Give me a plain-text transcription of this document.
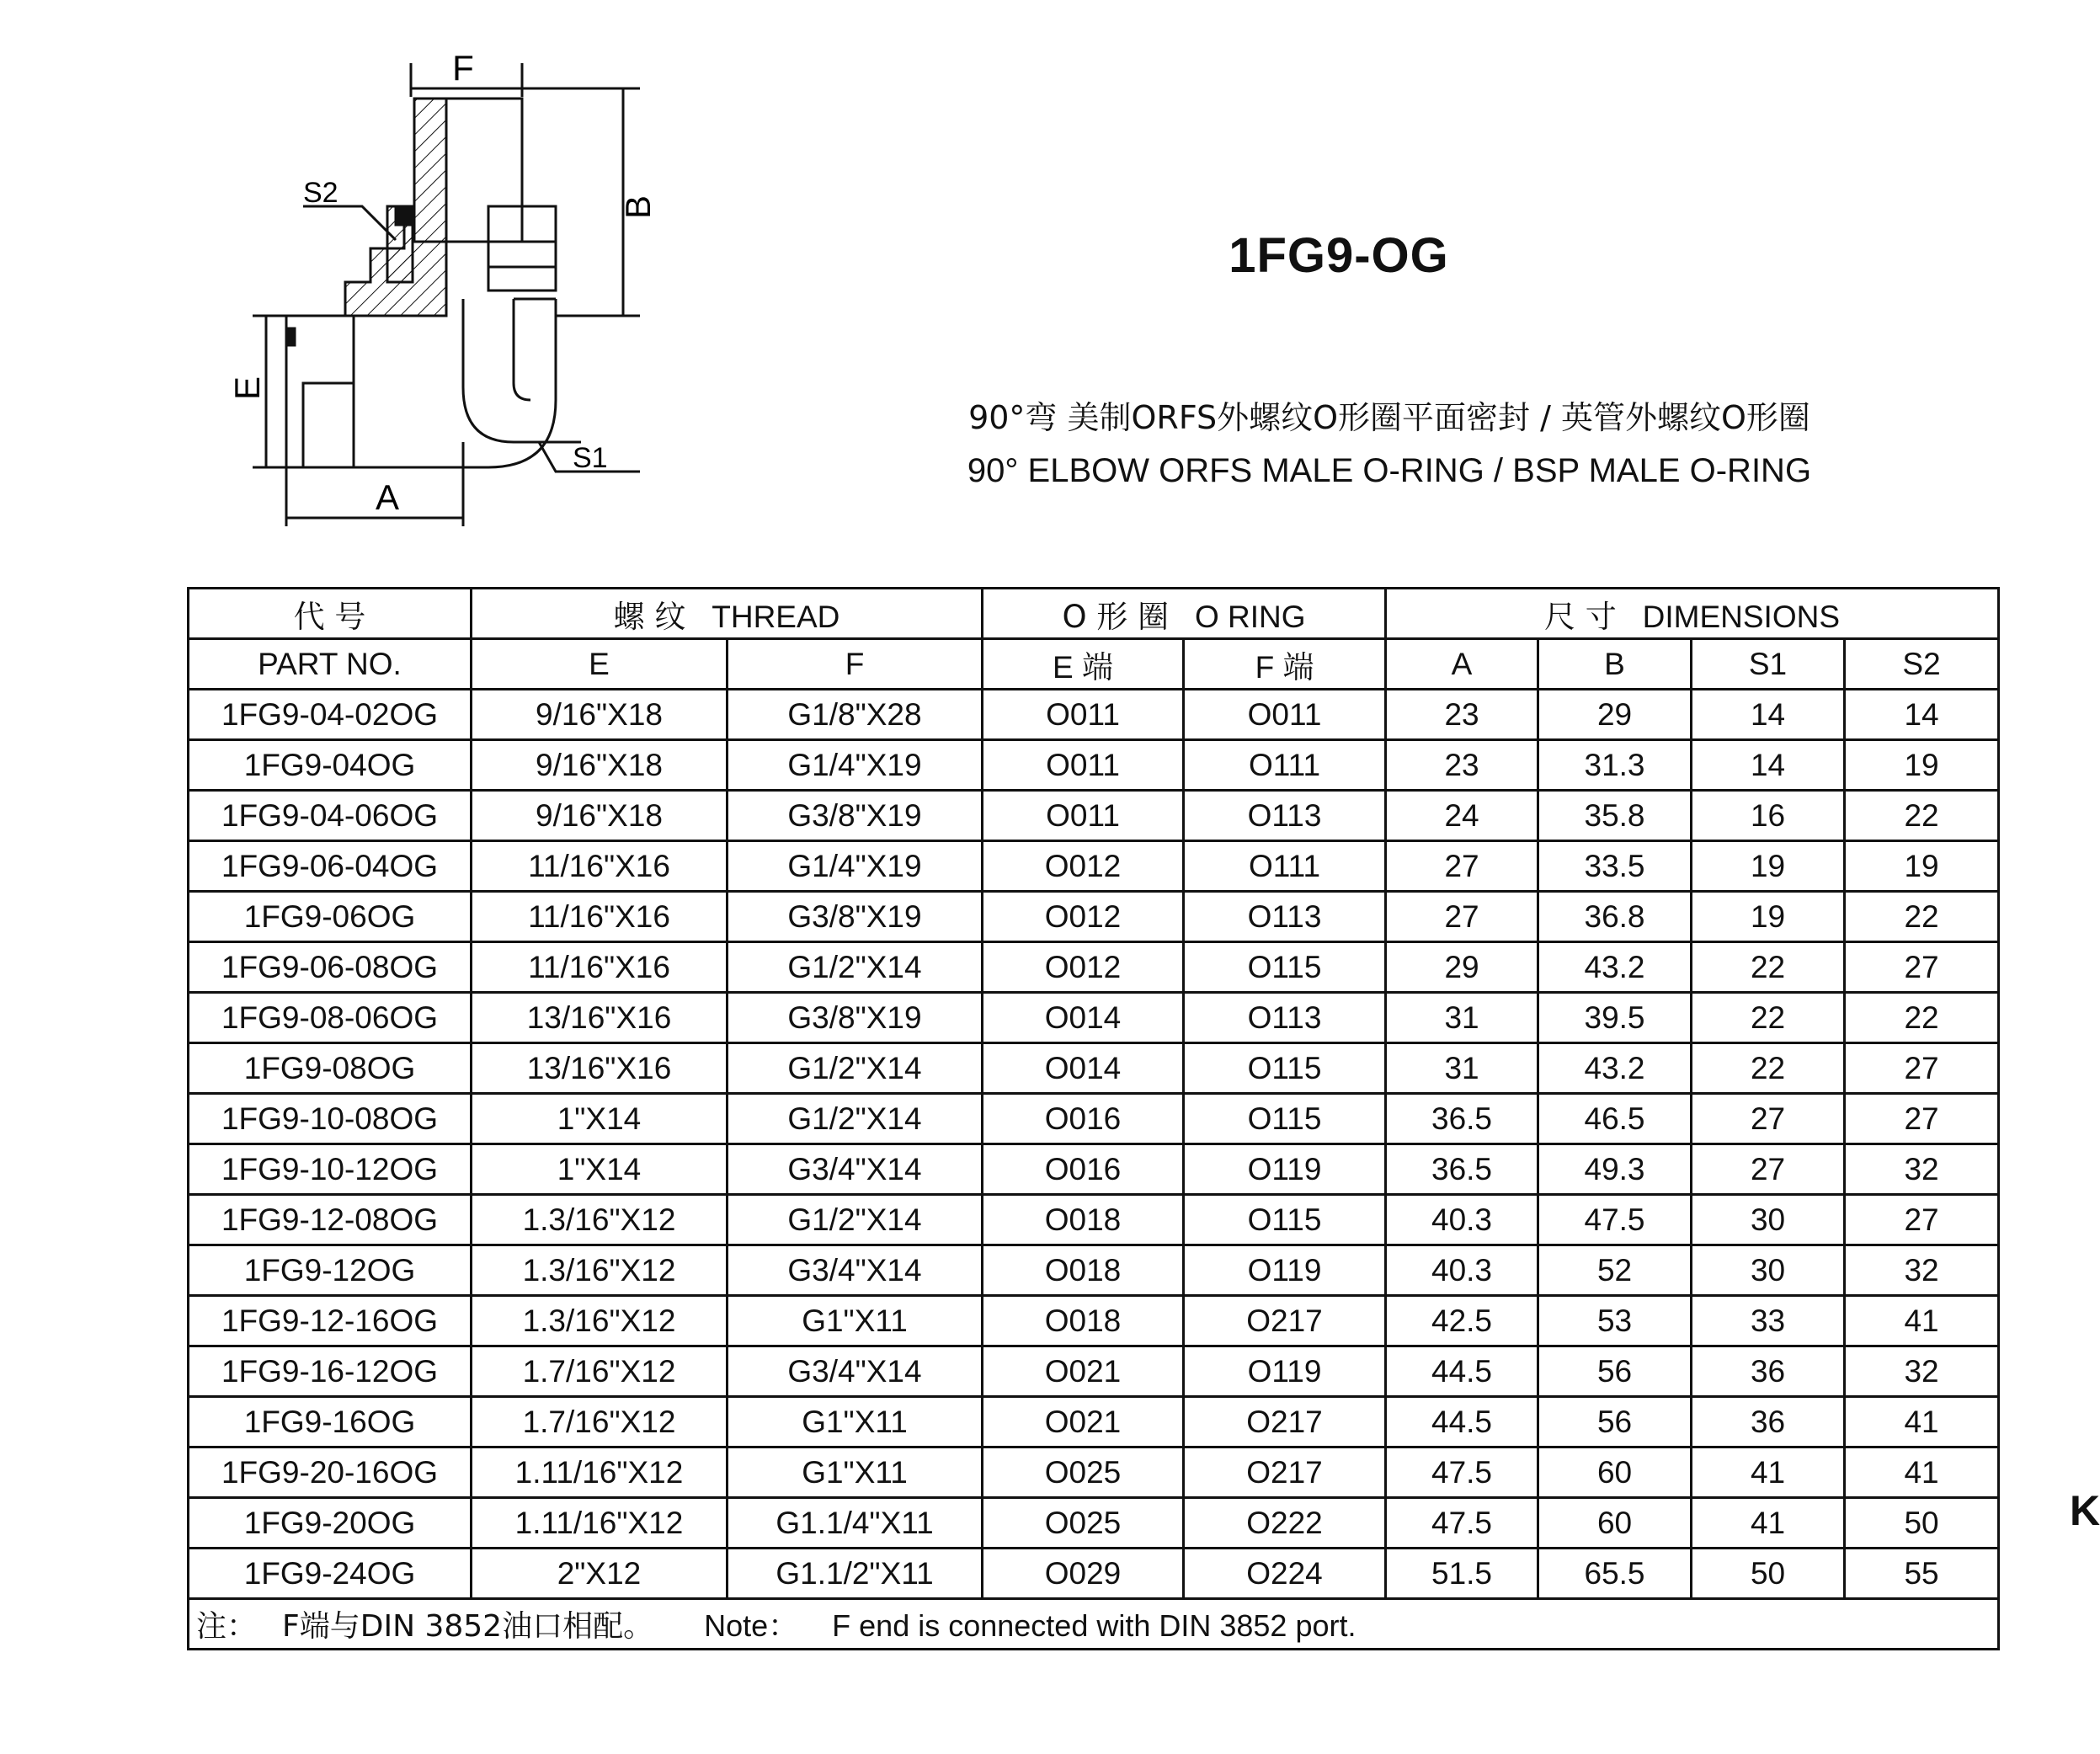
F
S2	B
E
S1
A
1FG9-OG
90°弯 美制ORFS外螺纹O形圈平面密封 / 英管外螺纹O形圈
90° ELBOW ORFS MALE O-RING / BSP MALE O-RING
代 号	螺 纹 THREAD		O 形 圈 O RING		尺 寸 DIMENSIONS			
PART NO.	E	F	E 端	F 端	A	B	S1	S2
1FG9-04-02OG	9/16"X18	G1/8"X28	O011	O011	23	29	14	14
1FG9-04OG	9/16"X18	G1/4"X19	O011	O111	23	31.3	14	19
1FG9-04-06OG	9/16"X18	G3/8"X19	O011	O113	24	35.8	16	22
1FG9-06-04OG	11/16"X16	G1/4"X19	O012	O111	27	33.5	19	19
1FG9-06OG	11/16"X16	G3/8"X19	O012	O113	27	36.8	19	22
1FG9-06-08OG	11/16"X16	G1/2"X14	O012	O115	29	43.2	22	27
1FG9-08-06OG	13/16"X16	G3/8"X19	O014	O113	31	39.5	22	22
1FG9-08OG	13/16"X16	G1/2"X14	O014	O115	31	43.2	22	27
1FG9-10-08OG	1"X14	G1/2"X14	O016	O115	36.5	46.5	27	27
1FG9-10-12OG	1"X14	G3/4"X14	O016	O119	36.5	49.3	27	32
1FG9-12-08OG	1.3/16"X12	G1/2"X14	O018	O115	40.3	47.5	30	27
1FG9-12OG	1.3/16"X12	G3/4"X14	O018	O119	40.3	52	30	32
1FG9-12-16OG	1.3/16"X12	G1"X11	O018	O217	42.5	53	33	41
1FG9-16-12OG	1.7/16"X12	G3/4"X14	O021	O119	44.5	56	36	32
1FG9-16OG	1.7/16"X12	G1"X11	O021	O217	44.5	56	36	41
1FG9-20-16OG	1.11/16"X12	G1"X11	O025	O217	47.5	60	41	41
1FG9-20OG	1.11/16"X12	G1.1/4"X11	O025	O222	47.5	60	41	50
1FG9-24OG	2"X12	G1.1/2"X11	O029	O224	51.5	65.5	50	55
注： F端与DIN 3852油口相配。 Note： F end is connected with DIN 3852 port.								
K
